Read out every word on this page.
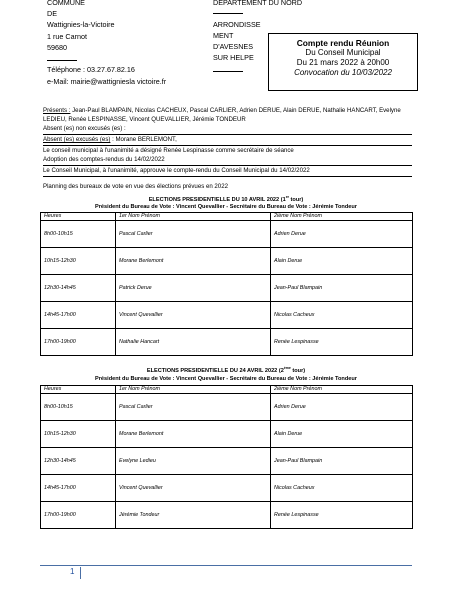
COMMUNE
DE
Wattignies-la-Victoire
1 rue Carnot
59680
Téléphone : 03.27.67.82.16
e-Mail: mairie@wattigniesla victoire.fr
DEPARTEMENT DU NORD
ARRONDISSE
MENT
D'AVESNES
SUR HELPE
Compte rendu Réunion
Du Conseil Municipal
Du 21 mars 2022 à 20h00
Convocation du 10/03/2022
Présents : Jean-Paul BLAMPAIN, Nicolas CACHEUX, Pascal CARLIER, Adrien DERUE, Alain DERUE, Nathalie HANCART, Evelyne
LEDIEU, Renée LESPINASSE, Vincent QUEVALLIER, Jérémie TONDEUR
Absent (es) non excusés (es) :
Absent (es) excusés (es) : Morane BERLEMONT,
Le conseil municipal à l'unanimité a désigné Renée Lespinasse comme secrétaire de séance
Adoption des comptes-rendus du 14/02/2022
Le Conseil Municipal, à l'unanimité, approuve le compte-rendu du Conseil Municipal du 14/02/2022
Planning des bureaux de vote en vue des élections prévues en 2022
ELECTIONS PRESIDENTIELLE DU 10 AVRIL 2022 (1er tour)
Président du Bureau de Vote : Vincent Quevallier - Secrétaire du Bureau de Vote : Jérémie Tondeur
Heures	1er Nom Prénom	2ième Nom Prénom
8h00-10h15	Pascal Carlier	Adrien Derue
10h15-12h30	Morane Berlemont	Alain Derue
12h30-14h45	Patrick Derue	Jean-Paul Blampain
14h45-17h00	Vincent Quevallier	Nicolas Cacheux
17h00-19h00	Nathalie Hancart	Renée Lespinasse
ELECTIONS PRESIDENTIELLE DU 24 AVRIL 2022 (2ème tour)
Président du Bureau de Vote : Vincent Quevallier - Secrétaire du Bureau de Vote : Jérémie Tondeur
Heures	1er Nom Prénom	2ième Nom Prénom
8h00-10h15	Pascal Carlier	Adrien Derue
10h15-12h30	Morane Berlemont	Alain Derue
12h30-14h45	Evelyne Ledieu	Jean-Paul Blampain
14h45-17h00	Vincent Quevallier	Nicolas Cacheux
17h00-19h00	Jérémie Tondeur	Renée Lespinasse
1
